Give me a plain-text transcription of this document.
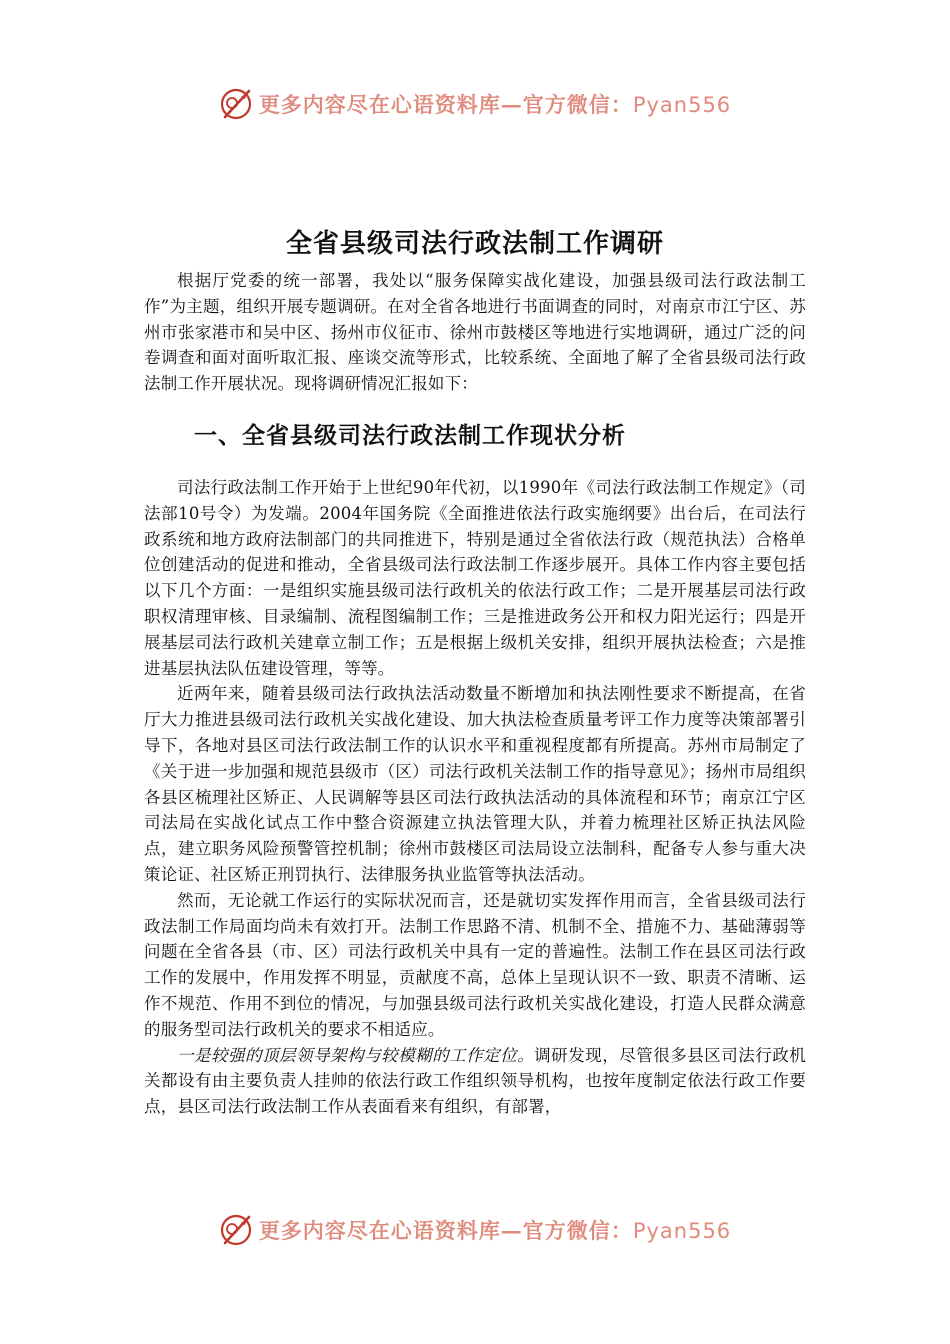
更多内容尽在心语资料库—官方微信：Pyan556
全省县级司法行政法制工作调研

根据厅党委的统一部署，我处以“服务保障实战化建设，加强县级司法行政法制工作”为主题，组织开展专题调研。在对全省各地进行书面调查的同时，对南京市江宁区、苏州市张家港市和吴中区、扬州市仪征市、徐州市鼓楼区等地进行实地调研，通过广泛的问卷调查和面对面听取汇报、座谈交流等形式，比较系统、全面地了解了全省县级司法行政法制工作开展状况。现将调研情况汇报如下：

一、全省县级司法行政法制工作现状分析

司法行政法制工作开始于上世纪90年代初，以1990年《司法行政法制工作规定》（司法部10号令）为发端。2004年国务院《全面推进依法行政实施纲要》出台后，在司法行政系统和地方政府法制部门的共同推进下，特别是通过全省依法行政（规范执法）合格单位创建活动的促进和推动，全省县级司法行政法制工作逐步展开。具体工作内容主要包括以下几个方面：一是组织实施县级司法行政机关的依法行政工作；二是开展基层司法行政职权清理审核、目录编制、流程图编制工作；三是推进政务公开和权力阳光运行；四是开展基层司法行政机关建章立制工作；五是根据上级机关安排，组织开展执法检查；六是推进基层执法队伍建设管理，等等。

近两年来，随着县级司法行政执法活动数量不断增加和执法刚性要求不断提高，在省厅大力推进县级司法行政机关实战化建设、加大执法检查质量考评工作力度等决策部署引导下，各地对县区司法行政法制工作的认识水平和重视程度都有所提高。苏州市局制定了《关于进一步加强和规范县级市（区）司法行政机关法制工作的指导意见》；扬州市局组织各县区梳理社区矫正、人民调解等县区司法行政执法活动的具体流程和环节；南京江宁区司法局在实战化试点工作中整合资源建立执法管理大队，并着力梳理社区矫正执法风险点，建立职务风险预警管控机制；徐州市鼓楼区司法局设立法制科，配备专人参与重大决策论证、社区矫正刑罚执行、法律服务执业监管等执法活动。

然而，无论就工作运行的实际状况而言，还是就切实发挥作用而言，全省县级司法行政法制工作局面均尚未有效打开。法制工作思路不清、机制不全、措施不力、基础薄弱等问题在全省各县（市、区）司法行政机关中具有一定的普遍性。法制工作在县区司法行政工作的发展中，作用发挥不明显，贡献度不高，总体上呈现认识不一致、职责不清晰、运作不规范、作用不到位的情况，与加强县级司法行政机关实战化建设，打造人民群众满意的服务型司法行政机关的要求不相适应。

一是较强的顶层领导架构与较模糊的工作定位。调研发现，尽管很多县区司法行政机关都设有由主要负责人挂帅的依法行政工作组织领导机构，也按年度制定依法行政工作要点，县区司法行政法制工作从表面看来有组织，有部署，

更多内容尽在心语资料库—官方微信：Pyan556
